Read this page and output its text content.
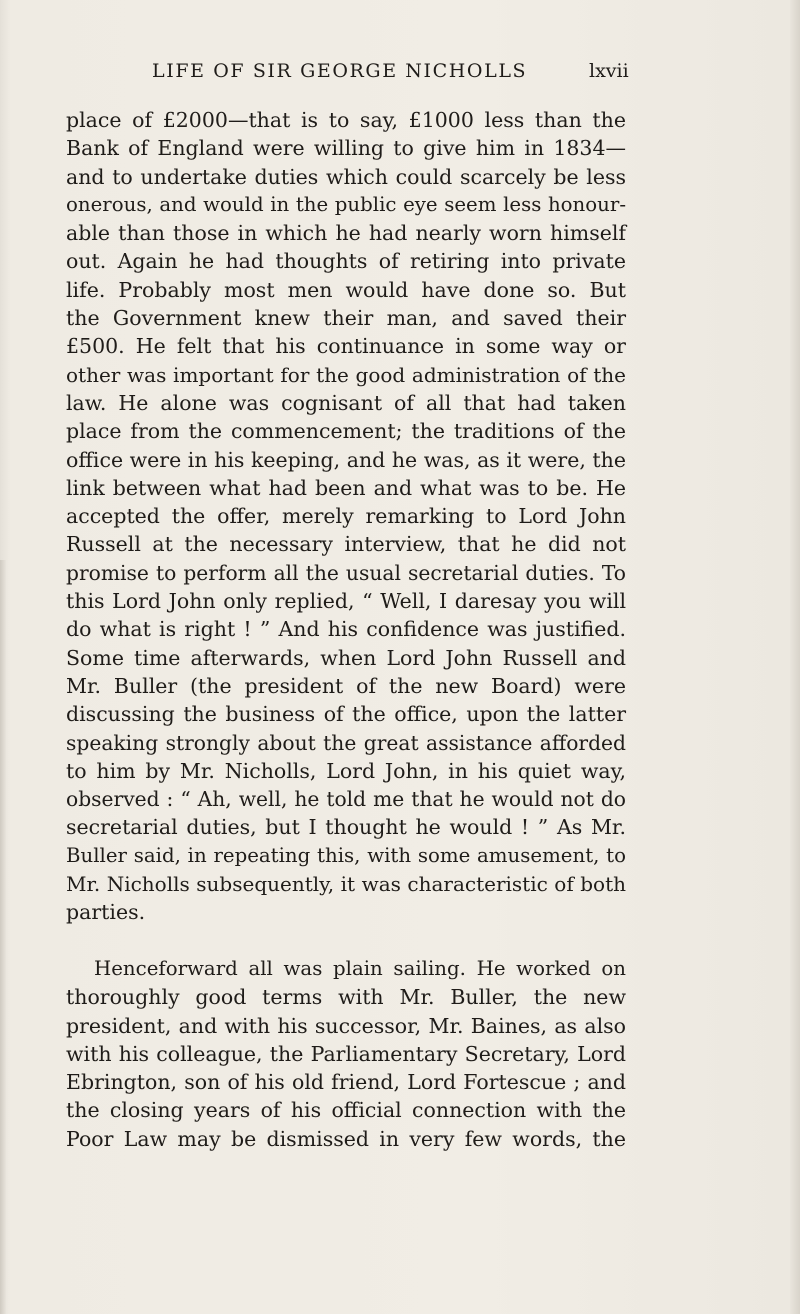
LIFE OF SIR GEORGE NICHOLLS	lxvii
place of £2000—that is to say, £1000 less than the
Bank of England were willing to give him in 1834—
and to undertake duties which could scarcely be less
onerous, and would in the public eye seem less honour-
able than those in which he had nearly worn himself
out. Again he had thoughts of retiring into private
life. Probably most men would have done so. But
the Government knew their man, and saved their
£500. He felt that his continuance in some way or
other was important for the good administration of the
law. He alone was cognisant of all that had taken
place from the commencement; the traditions of the
office were in his keeping, and he was, as it were, the
link between what had been and what was to be. He
accepted the offer, merely remarking to Lord John
Russell at the necessary interview, that he did not
promise to perform all the usual secretarial duties. To
this Lord John only replied, “ Well, I daresay you will
do what is right ! ” And his confidence was justified.
Some time afterwards, when Lord John Russell and
Mr. Buller (the president of the new Board) were
discussing the business of the office, upon the latter
speaking strongly about the great assistance afforded
to him by Mr. Nicholls, Lord John, in his quiet way,
observed : “ Ah, well, he told me that he would not do
secretarial duties, but I thought he would ! ” As Mr.
Buller said, in repeating this, with some amusement, to
Mr. Nicholls subsequently, it was characteristic of both
parties.
Henceforward all was plain sailing. He worked on
thoroughly good terms with Mr. Buller, the new
president, and with his successor, Mr. Baines, as also
with his colleague, the Parliamentary Secretary, Lord
Ebrington, son of his old friend, Lord Fortescue ; and
the closing years of his official connection with the
Poor Law may be dismissed in very few words, the
